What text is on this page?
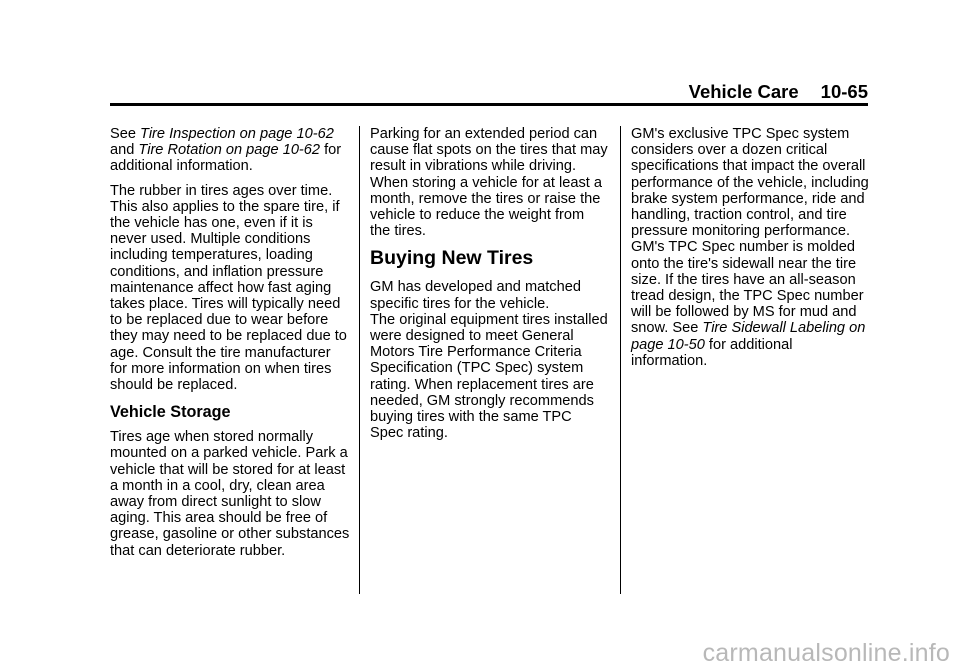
Vehicle Care 10-65

See Tire Inspection on page 10-62 and Tire Rotation on page 10-62 for additional information.

The rubber in tires ages over time. This also applies to the spare tire, if the vehicle has one, even if it is never used. Multiple conditions including temperatures, loading conditions, and inflation pressure maintenance affect how fast aging takes place. Tires will typically need to be replaced due to wear before they may need to be replaced due to age. Consult the tire manufacturer for more information on when tires should be replaced.

Vehicle Storage

Tires age when stored normally mounted on a parked vehicle. Park a vehicle that will be stored for at least a month in a cool, dry, clean area away from direct sunlight to slow aging. This area should be free of grease, gasoline or other substances that can deteriorate rubber.

Parking for an extended period can cause flat spots on the tires that may result in vibrations while driving. When storing a vehicle for at least a month, remove the tires or raise the vehicle to reduce the weight from the tires.

Buying New Tires

GM has developed and matched specific tires for the vehicle.

The original equipment tires installed were designed to meet General Motors Tire Performance Criteria Specification (TPC Spec) system rating. When replacement tires are needed, GM strongly recommends buying tires with the same TPC Spec rating.

GM's exclusive TPC Spec system considers over a dozen critical specifications that impact the overall performance of the vehicle, including brake system performance, ride and handling, traction control, and tire pressure monitoring performance.

GM's TPC Spec number is molded onto the tire's sidewall near the tire size. If the tires have an all-season tread design, the TPC Spec number will be followed by MS for mud and snow. See Tire Sidewall Labeling on page 10-50 for additional information.

carmanualsonline.info
